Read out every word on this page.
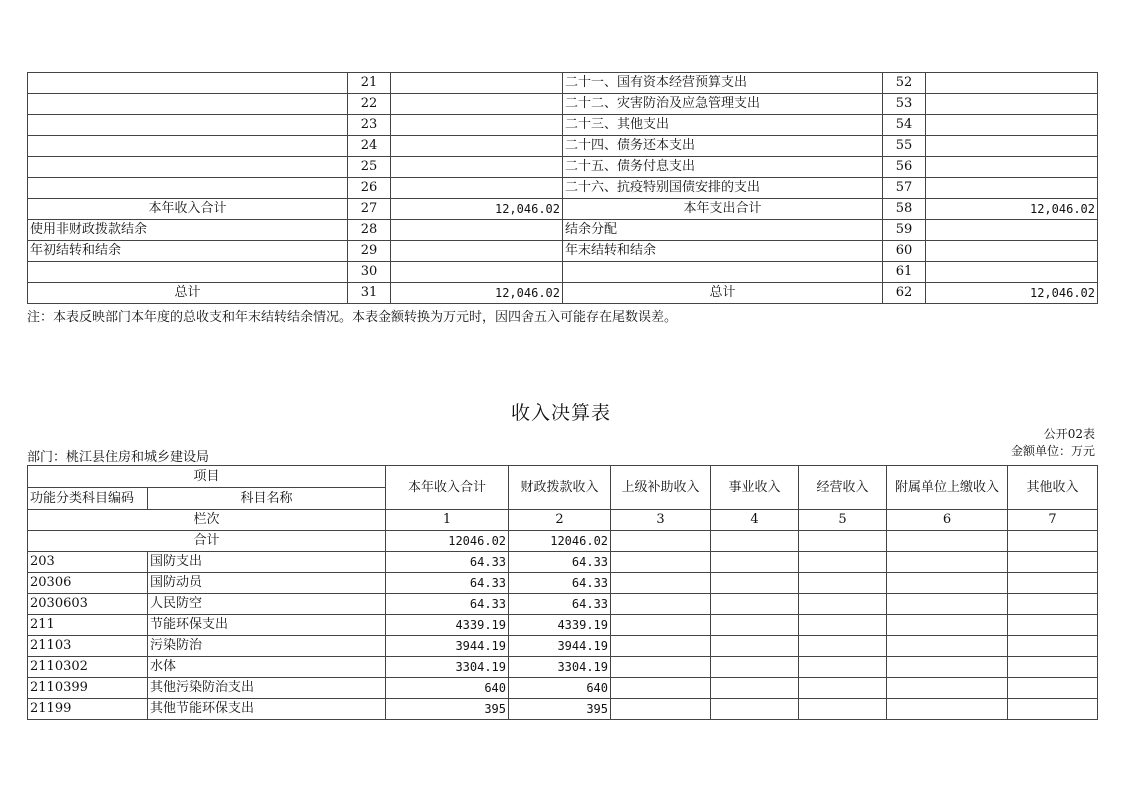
	21		二十一、国有资本经营预算支出	52	
	22		二十二、灾害防治及应急管理支出	53	
	23		二十三、其他支出	54	
	24		二十四、债务还本支出	55	
	25		二十五、债务付息支出	56	
	26		二十六、抗疫特别国债安排的支出	57	
本年收入合计	27	12,046.02	本年支出合计	58	12,046.02
使用非财政拨款结余	28		结余分配	59	
年初结转和结余	29		年末结转和结余	60	
	30			61	
总计	31	12,046.02	总计	62	12,046.02
注：本表反映部门本年度的总收支和年末结转结余情况。本表金额转换为万元时，因四舍五入可能存在尾数误差。
收入决算表
公开02表
金额单位：万元
部门：桃江县住房和城乡建设局
项目		本年收入合计	财政拨款收入	上级补助收入	事业收入	经营收入	附属单位上缴收入	其他收入
功能分类科目编码	科目名称							
栏次		1	2	3	4	5	6	7
合计		12046.02	12046.02					
203	国防支出	64.33	64.33					
20306	国防动员	64.33	64.33					
2030603	人民防空	64.33	64.33					
211	节能环保支出	4339.19	4339.19					
21103	污染防治	3944.19	3944.19					
2110302	水体	3304.19	3304.19					
2110399	其他污染防治支出	640	640					
21199	其他节能环保支出	395	395					
